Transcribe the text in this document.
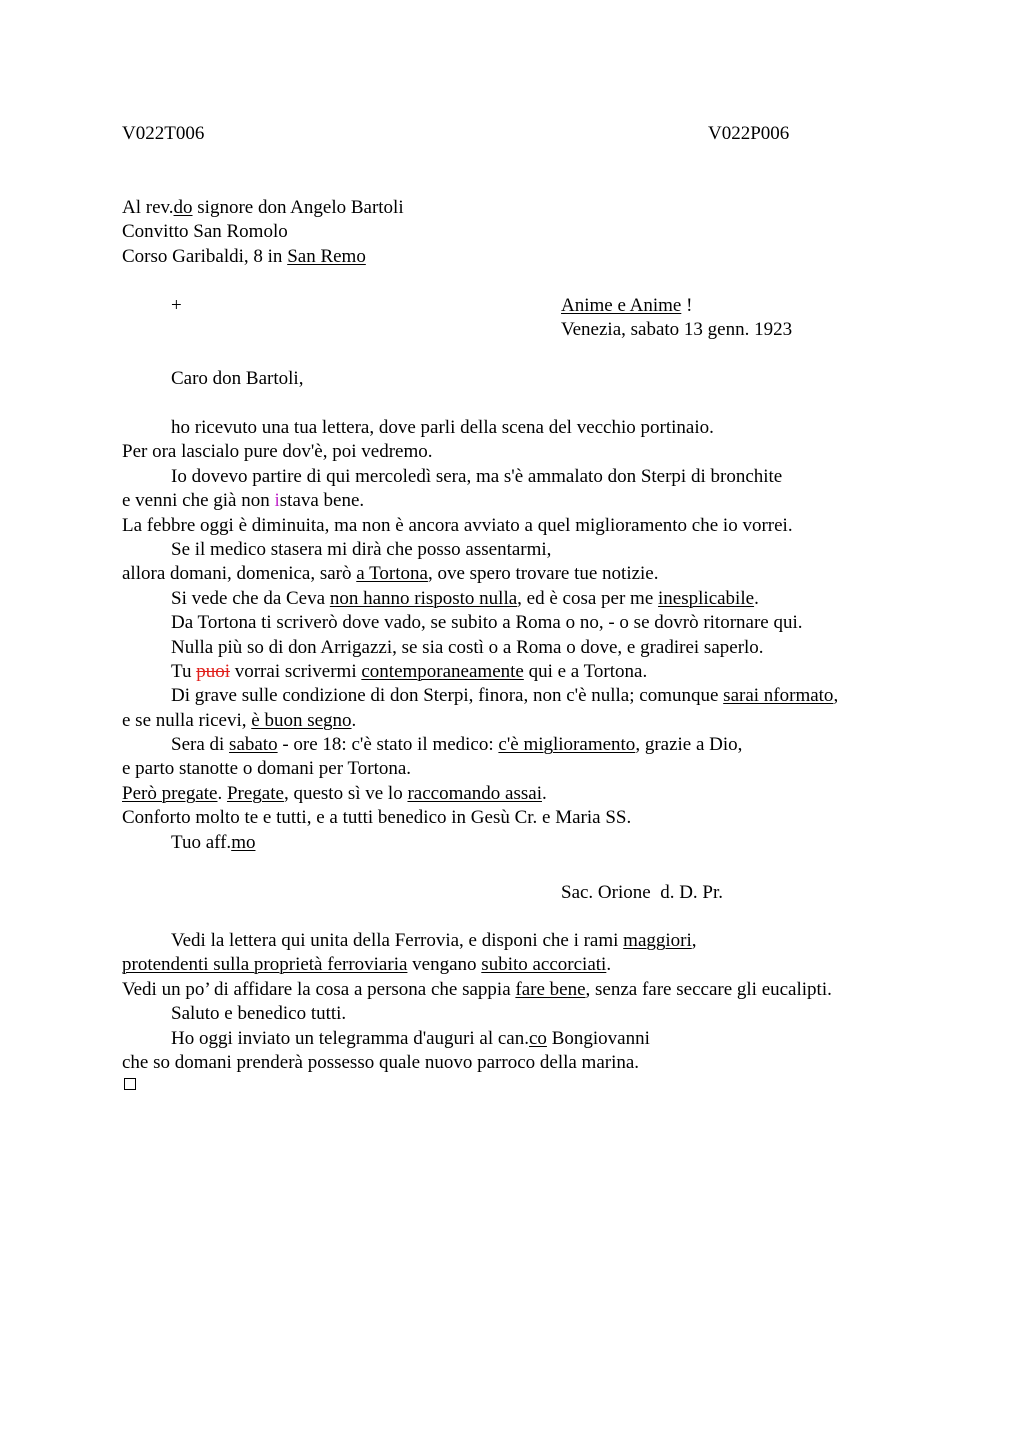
V022T006	V022P006
Al rev.do signore don Angelo Bartoli
Convitto San Romolo
Corso Garibaldi, 8 in San Remo
+	Anime e Anime !
Venezia, sabato 13 genn. 1923
Caro don Bartoli,
ho ricevuto una tua lettera, dove parli della scena del vecchio portinaio.
Per ora lascialo pure dov'è, poi vedremo.
Io dovevo partire di qui mercoledì sera, ma s'è ammalato don Sterpi di bronchite
e venni che già non istava bene.
La febbre oggi è diminuita, ma non è ancora avviato a quel miglioramento che io vorrei.
Se il medico stasera mi dirà che posso assentarmi,
allora domani, domenica, sarò a Tortona, ove spero trovare tue notizie.
Si vede che da Ceva non hanno risposto nulla, ed è cosa per me inesplicabile.
Da Tortona ti scriverò dove vado, se subito a Roma o no, - o se dovrò ritornare qui.
Nulla più so di don Arrigazzi, se sia costì o a Roma o dove, e gradirei saperlo.
Tu puoi vorrai scrivermi contemporaneamente qui e a Tortona.
Di grave sulle condizione di don Sterpi, finora, non c'è nulla; comunque sarai nformato,
e se nulla ricevi, è buon segno.
Sera di sabato - ore 18: c'è stato il medico: c'è miglioramento, grazie a Dio,
e parto stanotte o domani per Tortona.
Però pregate. Pregate, questo sì ve lo raccomando assai.
Conforto molto te e tutti, e a tutti benedico in Gesù Cr. e Maria SS.
Tuo aff.mo
Sac. Orione  d. D. Pr.
Vedi la lettera qui unita della Ferrovia, e disponi che i rami maggiori,
protendenti sulla proprietà ferroviaria vengano subito accorciati.
Vedi un po’ di affidare la cosa a persona che sappia fare bene, senza fare seccare gli eucalipti.
Saluto e benedico tutti.
Ho oggi inviato un telegramma d'auguri al can.co Bongiovanni
che so domani prenderà possesso quale nuovo parroco della marina.
